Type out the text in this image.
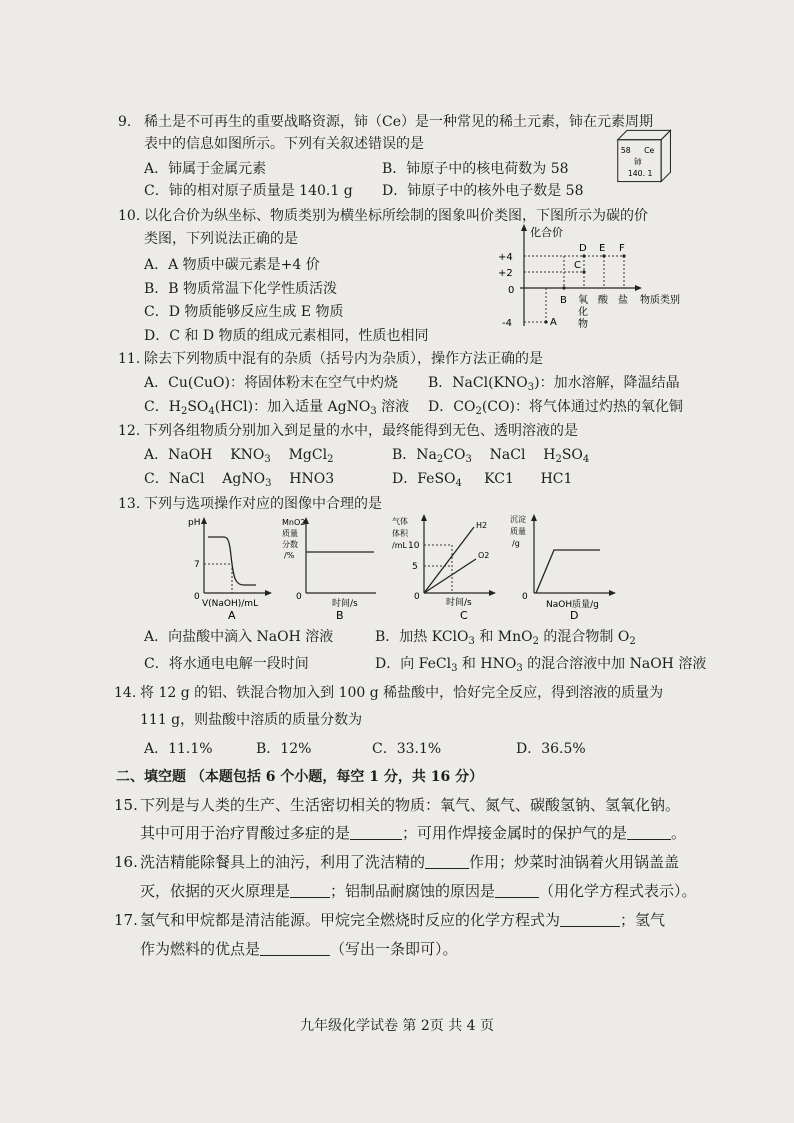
9. 稀土是不可再生的重要战略资源，铈（Ce）是一种常见的稀土元素，铈在元素周期
表中的信息如图所示。下列有关叙述错误的是
A．铈属于金属元素	B．铈原子中的核电荷数为 58
C．铈的相对原子质量是 140.1 g D．铈原子中的核外电子数是 58
58 Ce
铈
140. 1
10. 以化合价为纵坐标、物质类别为横坐标所绘制的图象叫价类图，下图所示为碳的价
类图，下列说法正确的是
A．A 物质中碳元素是+4 价
B．B 物质常温下化学性质活泼
C．D 物质能够反应生成 E 物质
D．C 和 D 物质的组成元素相同，性质也相同
化合价
+4
+2
0
-4	A
C
D E F
B 氧
化
物
酸 盐 物质类别
11. 除去下列物质中混有的杂质（括号内为杂质），操作方法正确的是
A．Cu(CuO)：将固体粉末在空气中灼烧 B．$NaCl(KNO_3)$：加水溶解，降温结晶
C．$H_2SO_4(HCl)$：加入适量 AgNO$_3$ 溶液 D．$CO_2(CO)$：将气体通过灼热的氧化铜
12. 下列各组物质分别加入到足量的水中，最终能得到无色、透明溶液的是
A．NaOH    $KNO_3$    MgCl$_2$	B．$Na_2CO_3$ NaCl    $H_2SO_4$
C．NaCl    AgNO$_3$ HNO3	D．FeSO$_4$ KC1 HC1
13. 下列与选项操作对应的图像中合理的是
pH
7
0
V(NaOH)/mL
A
MnO2
质量
分数
/%
0
时间/s
B
气体
体积
/mL 10
5
0
H2
O2
时间/s
C
沉淀
质量
/g
0
NaOH质量/g
D
A．向盐酸中滴入 NaOH 溶液	B．加热 KClO$_3$ 和 MnO$_2$ 的混合物制 $O_2$
C．将水通电电解一段时间	D．向 FeCl$_3$ 和 $HNO_3$ 的混合溶液中加 NaOH 溶液
14. 将 12 g 的铝、铁混合物加入到 100 g 稀盐酸中，恰好完全反应，得到溶液的质量为
111 g，则盐酸中溶质的质量分数为
A．11.1%	B．12%	C．33.1%	D．36.5%
二、填空题 （本题包括 6 个小题，每空 1 分，共 16 分）
15. 下列是与人类的生产、生活密切相关的物质：氧气、氮气、碳酸氢钠、氢氧化钠。
其中可用于治疗胃酸过多症的是	；可用作焊接金属时的保护气的是	。
16. 洗洁精能除餐具上的油污，利用了洗洁精的	作用；炒菜时油锅着火用锅盖盖
灭，依据的灭火原理是	；铝制品耐腐蚀的原因是	（用化学方程式表示）。
17. 氢气和甲烷都是清洁能源。甲烷完全燃烧时反应的化学方程式为	；氢气
作为燃料的优点是	（写出一条即可）。
九年级化学试卷 第 2页 共 4 页
